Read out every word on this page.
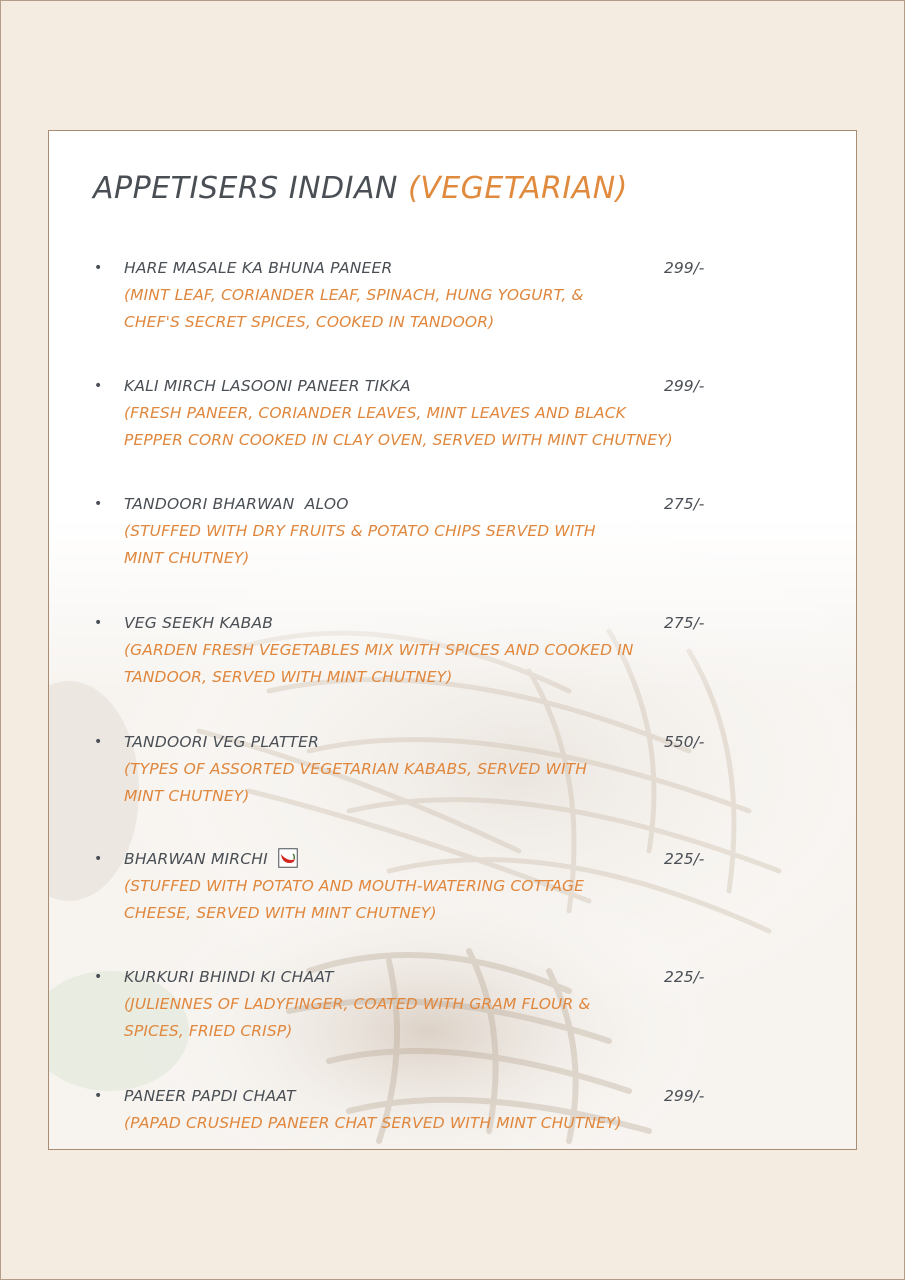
APPETISERS INDIAN (VEGETARIAN)
• HARE MASALE KA BHUNA PANEER	299/-
(MINT LEAF, CORIANDER LEAF, SPINACH, HUNG YOGURT, &
CHEF'S SECRET SPICES, COOKED IN TANDOOR)
• KALI MIRCH LASOONI PANEER TIKKA	299/-
(FRESH PANEER, CORIANDER LEAVES, MINT LEAVES AND BLACK
PEPPER CORN COOKED IN CLAY OVEN, SERVED WITH MINT CHUTNEY)
• TANDOORI BHARWAN  ALOO	275/-
(STUFFED WITH DRY FRUITS & POTATO CHIPS SERVED WITH
MINT CHUTNEY)
• VEG SEEKH KABAB	275/-
(GARDEN FRESH VEGETABLES MIX WITH SPICES AND COOKED IN
TANDOOR, SERVED WITH MINT CHUTNEY)
• TANDOORI VEG PLATTER	550/-
(TYPES OF ASSORTED VEGETARIAN KABABS, SERVED WITH
MINT CHUTNEY)
• BHARWAN MIRCHI	225/-
(STUFFED WITH POTATO AND MOUTH-WATERING COTTAGE
CHEESE, SERVED WITH MINT CHUTNEY)
• KURKURI BHINDI KI CHAAT	225/-
(JULIENNES OF LADYFINGER, COATED WITH GRAM FLOUR &
SPICES, FRIED CRISP)
• PANEER PAPDI CHAAT	299/-
(PAPAD CRUSHED PANEER CHAT SERVED WITH MINT CHUTNEY)
